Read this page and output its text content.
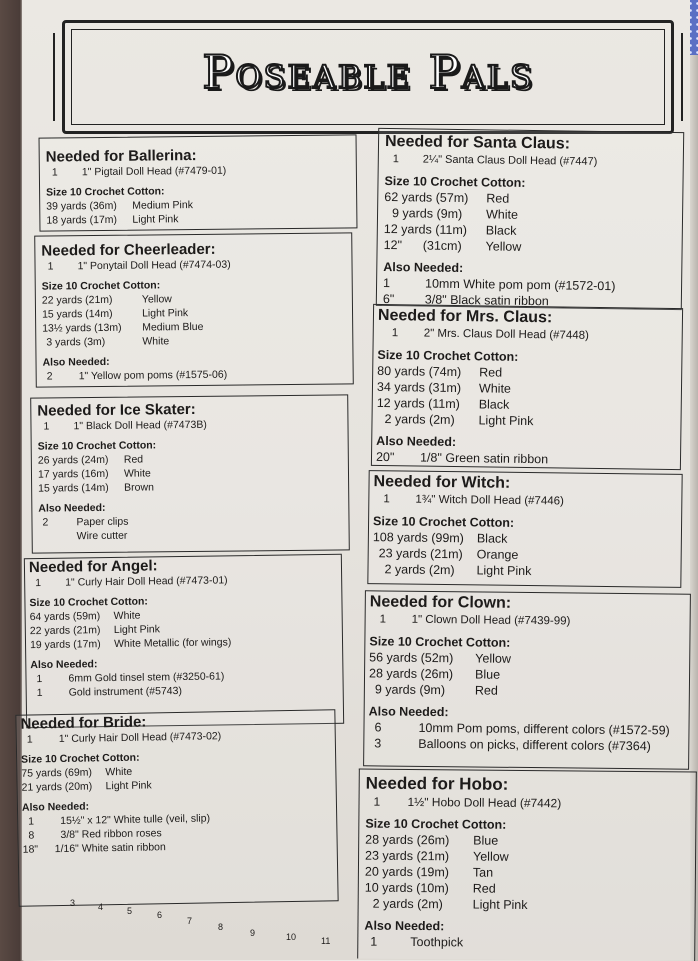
Poseable Pals
Needed for Ballerina:
1	1" Pigtail Doll Head (#7479-01)
Size 10 Crochet Cotton:
39 yards (36m)	Medium Pink
18 yards (17m)	Light Pink
Needed for Cheerleader:
1	1" Ponytail Doll Head (#7474-03)
Size 10 Crochet Cotton:
22 yards (21m)	Yellow
15 yards (14m)	Light Pink
13½ yards (13m)	Medium Blue
3 yards (3m)	White
Also Needed:
2	1" Yellow pom poms (#1575-06)
Needed for Ice Skater:
1	1" Black Doll Head (#7473B)
Size 10 Crochet Cotton:
26 yards (24m)	Red
17 yards (16m)	White
15 yards (14m)	Brown
Also Needed:
2	Paper clips
Wire cutter
Needed for Angel:
1	1" Curly Hair Doll Head (#7473-01)
Size 10 Crochet Cotton:
64 yards (59m)	White
22 yards (21m)	Light Pink
19 yards (17m)	White Metallic (for wings)
Also Needed:
1	6mm Gold tinsel stem (#3250-61)
1	Gold instrument (#5743)
Needed for Bride:
1	1" Curly Hair Doll Head (#7473-02)
Size 10 Crochet Cotton:
75 yards (69m)	White
21 yards (20m)	Light Pink
Also Needed:
1	15½" x 12" White tulle (veil, slip)
8	3/8" Red ribbon roses
18"	1/16" White satin ribbon
3	4	5	6
7
8
9	10	11
Needed for Santa Claus:
1	2¼" Santa Claus Doll Head (#7447)
Size 10 Crochet Cotton:
62 yards (57m)	Red
9 yards (9m)	White
12 yards (11m)	Black
12"      (31cm)	Yellow
Also Needed:
1	10mm White pom pom (#1572-01)
6"	3/8" Black satin ribbon
Needed for Mrs. Claus:
1	2" Mrs. Claus Doll Head (#7448)
Size 10 Crochet Cotton:
80 yards (74m)	Red
34 yards (31m)	White
12 yards (11m)	Black
2 yards (2m)	Light Pink
Also Needed:
20"	1/8" Green satin ribbon
Needed for Witch:
1	1¾" Witch Doll Head (#7446)
Size 10 Crochet Cotton:
108 yards (99m)	Black
23 yards (21m)	Orange
2 yards (2m)	Light Pink
Needed for Clown:
1	1" Clown Doll Head (#7439-99)
Size 10 Crochet Cotton:
56 yards (52m)	Yellow
28 yards (26m)	Blue
9 yards (9m)	Red
Also Needed:
6	10mm Pom poms, different colors (#1572-59)
3	Balloons on picks, different colors (#7364)
Needed for Hobo:
1	1½" Hobo Doll Head (#7442)
Size 10 Crochet Cotton:
28 yards (26m)	Blue
23 yards (21m)	Yellow
20 yards (19m)	Tan
10 yards (10m)	Red
2 yards (2m)	Light Pink
Also Needed:
1	Toothpick
